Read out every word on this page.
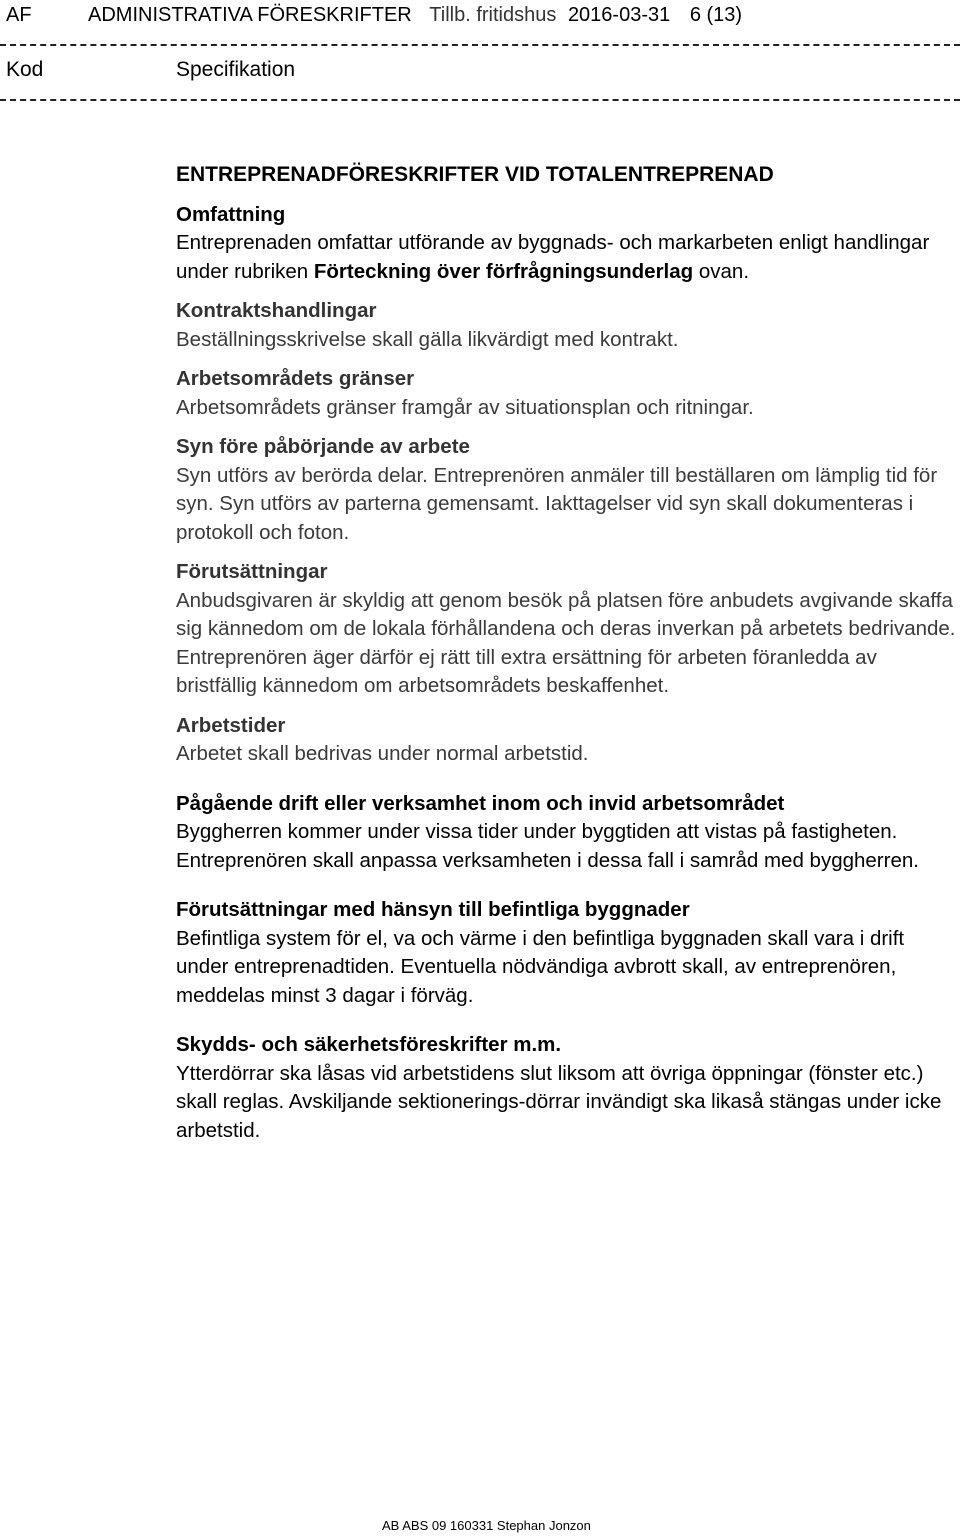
AF	ADMINISTRATIVA FÖRESKRIFTER Tillb. fritidshus 2016-03-31 6 (13)
Kod	Specifikation
ENTREPRENADFÖRESKRIFTER VID TOTALENTREPRENAD
Omfattning

Entreprenaden omfattar utförande av byggnads- och markarbeten enligt handlingar under rubriken Förteckning över förfrågningsunderlag ovan.

Kontraktshandlingar

Beställningsskrivelse skall gälla likvärdigt med kontrakt.

Arbetsområdets gränser

Arbetsområdets gränser framgår av situationsplan och ritningar.

Syn före påbörjande av arbete

Syn utförs av berörda delar. Entreprenören anmäler till beställaren om lämplig tid för syn. Syn utförs av parterna gemensamt. Iakttagelser vid syn skall dokumenteras i protokoll och foton.

Förutsättningar

Anbudsgivaren är skyldig att genom besök på platsen före anbudets avgivande skaffa sig kännedom om de lokala förhållandena och deras inverkan på arbetets bedrivande. Entreprenören äger därför ej rätt till extra ersättning för arbeten föranledda av bristfällig kännedom om arbetsområdets beskaffenhet.

Arbetstider

Arbetet skall bedrivas under normal arbetstid.

Pågående drift eller verksamhet inom och invid arbetsområdet

Byggherren kommer under vissa tider under byggtiden att vistas på fastigheten. Entreprenören skall anpassa verksamheten i dessa fall i samråd med byggherren.

Förutsättningar med hänsyn till befintliga byggnader

Befintliga system för el, va och värme i den befintliga byggnaden skall vara i drift under entreprenadtiden. Eventuella nödvändiga avbrott skall, av entreprenören, meddelas minst 3 dagar i förväg.

Skydds- och säkerhetsföreskrifter m.m.

Ytterdörrar ska låsas vid arbetstidens slut liksom att övriga öppningar (fönster etc.) skall reglas. Avskiljande sektionerings-dörrar invändigt ska likaså stängas under icke arbetstid.

AB ABS 09 160331 Stephan Jonzon
